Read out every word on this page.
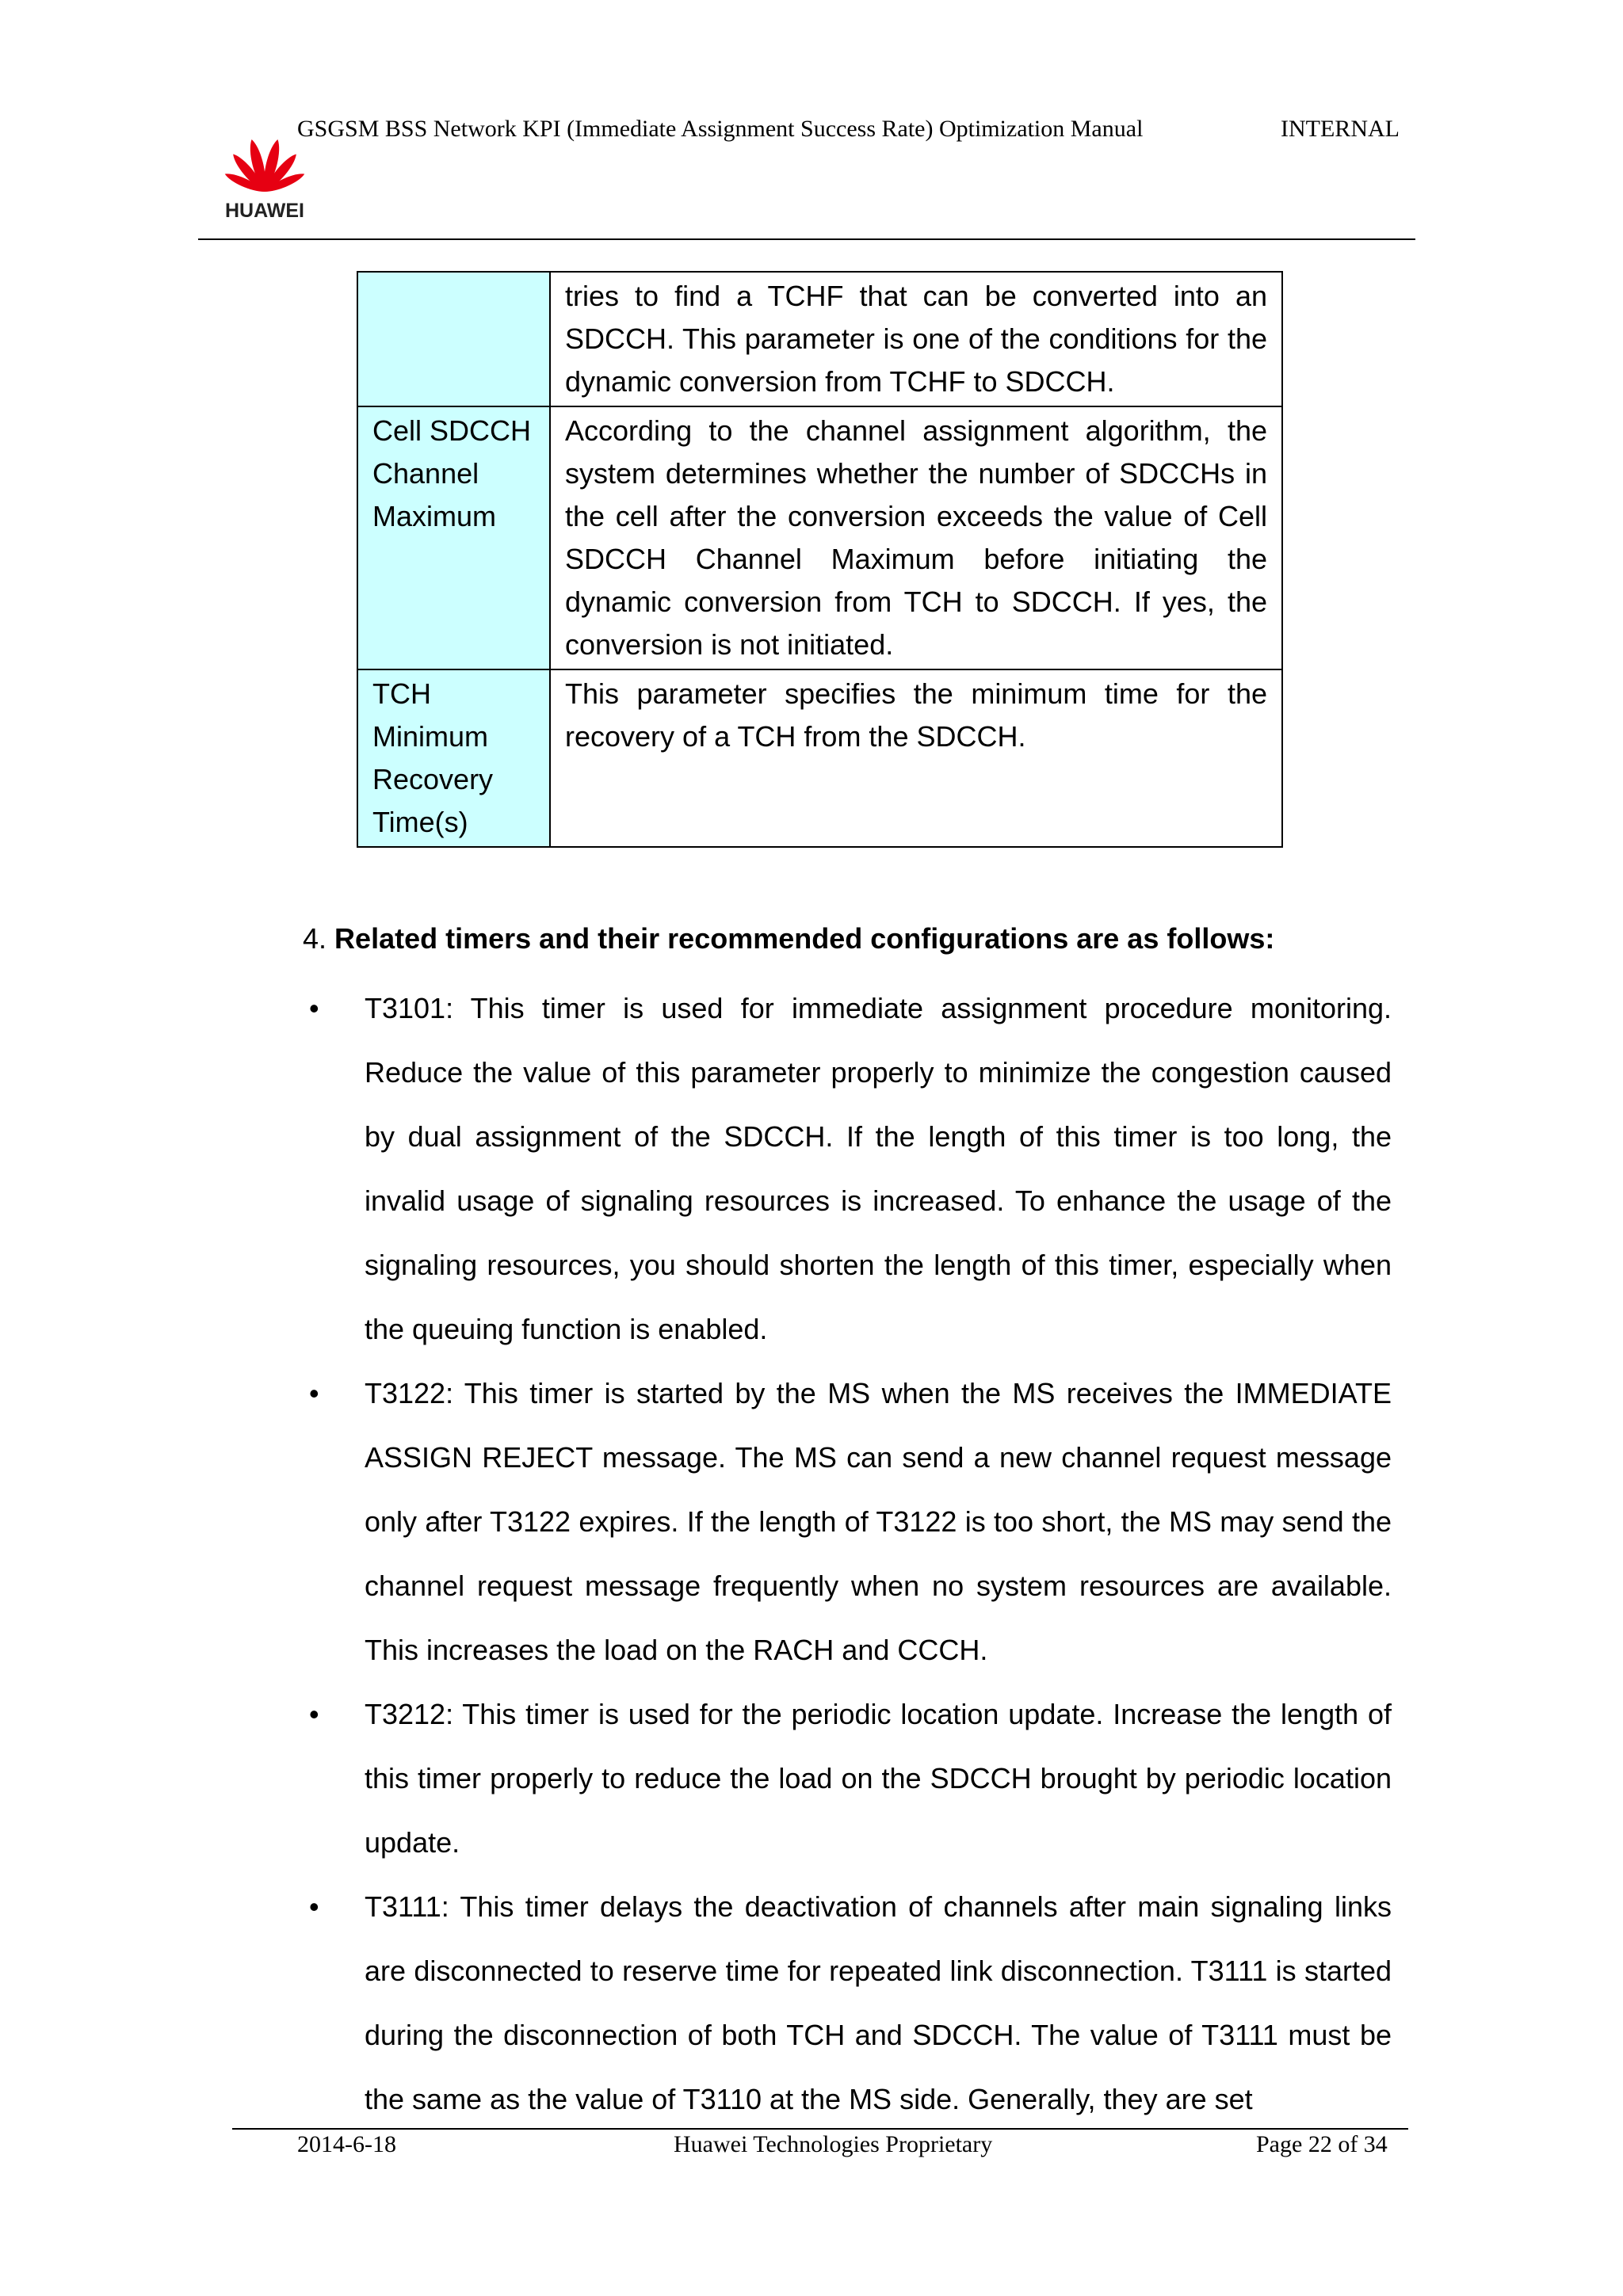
HUAWEI
GSGSM BSS Network KPI (Immediate Assignment Success Rate) Optimization Manual	INTERNAL
	tries to find a TCHF that can be converted into an SDCCH. This parameter is one of the conditions for the dynamic conversion from TCHF to SDCCH.
Cell SDCCH Channel Maximum	According to the channel assignment algorithm, the system determines whether the number of SDCCHs in the cell after the conversion exceeds the value of Cell SDCCH Channel Maximum before initiating the dynamic conversion from TCH to SDCCH. If yes, the conversion is not initiated.
TCH Minimum Recovery Time(s)	This parameter specifies the minimum time for the recovery of a TCH from the SDCCH.
4. Related timers and their recommended configurations are as follows:
• T3101: This timer is used for immediate assignment procedure monitoring. Reduce the value of this parameter properly to minimize the congestion caused by dual assignment of the SDCCH. If the length of this timer is too long, the invalid usage of signaling resources is increased. To enhance the usage of the signaling resources, you should shorten the length of this timer, especially when the queuing function is enabled.
• T3122: This timer is started by the MS when the MS receives the IMMEDIATE ASSIGN REJECT message. The MS can send a new channel request message only after T3122 expires. If the length of T3122 is too short, the MS may send the channel request message frequently when no system resources are available. This increases the load on the RACH and CCCH.
• T3212: This timer is used for the periodic location update. Increase the length of this timer properly to reduce the load on the SDCCH brought by periodic location update.
• T3111: This timer delays the deactivation of channels after main signaling links are disconnected to reserve time for repeated link disconnection. T3111 is started during the disconnection of both TCH and SDCCH. The value of T3111 must be the same as the value of T3110 at the MS side. Generally, they are set
2014-6-18	Huawei Technologies Proprietary	Page 22 of 34
